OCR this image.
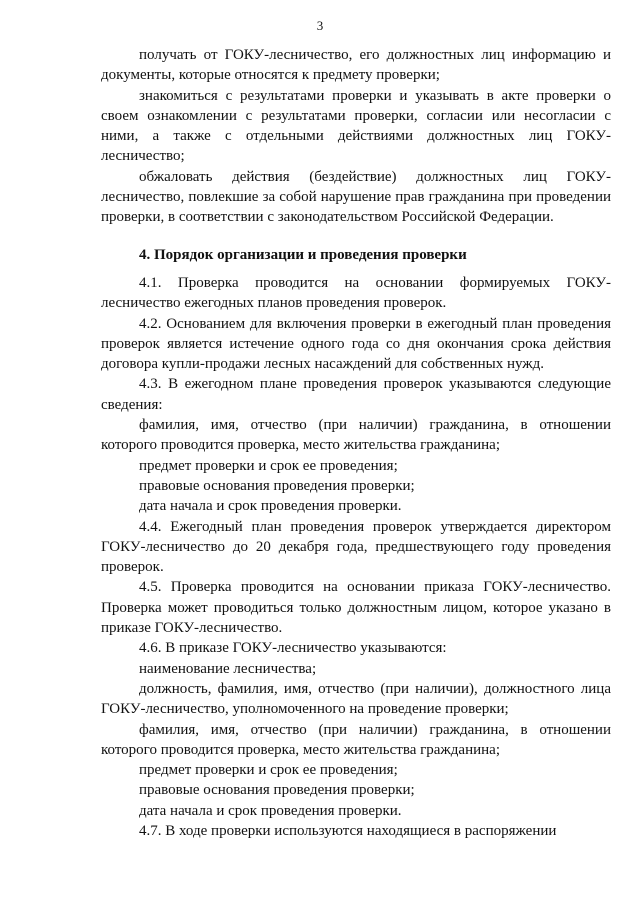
3

получать от ГОКУ-лесничество, его должностных лиц информацию и документы, которые относятся к предмету проверки;

знакомиться с результатами проверки и указывать в акте проверки о своем ознакомлении с результатами проверки, согласии или несогласии с ними, а также с отдельными действиями должностных лиц ГОКУ-лесничество;

обжаловать действия (бездействие) должностных лиц ГОКУ-лесничество, повлекшие за собой нарушение прав гражданина при проведении проверки, в соответствии с законодательством Российской Федерации.

4. Порядок организации и проведения проверки

4.1. Проверка проводится на основании формируемых ГОКУ-лесничество ежегодных планов проведения проверок.

4.2. Основанием для включения проверки в ежегодный план проведения проверок является истечение одного года со дня окончания срока действия договора купли-продажи лесных насаждений для собственных нужд.

4.3. В ежегодном плане проведения проверок указываются следующие сведения:

фамилия, имя, отчество (при наличии) гражданина, в отношении которого проводится проверка, место жительства гражданина;

предмет проверки и срок ее проведения;

правовые основания проведения проверки;

дата начала и срок проведения проверки.

4.4. Ежегодный план проведения проверок утверждается директором ГОКУ-лесничество до 20 декабря года, предшествующего году проведения проверок.

4.5. Проверка проводится на основании приказа ГОКУ-лесничество. Проверка может проводиться только должностным лицом, которое указано в приказе ГОКУ-лесничество.

4.6. В приказе ГОКУ-лесничество указываются:

наименование лесничества;

должность, фамилия, имя, отчество (при наличии), должностного лица ГОКУ-лесничество, уполномоченного на проведение проверки;

фамилия, имя, отчество (при наличии) гражданина, в отношении которого проводится проверка, место жительства гражданина;

предмет проверки и срок ее проведения;

правовые основания проведения проверки;

дата начала и срок проведения проверки.

4.7. В ходе проверки используются находящиеся в распоряжении
